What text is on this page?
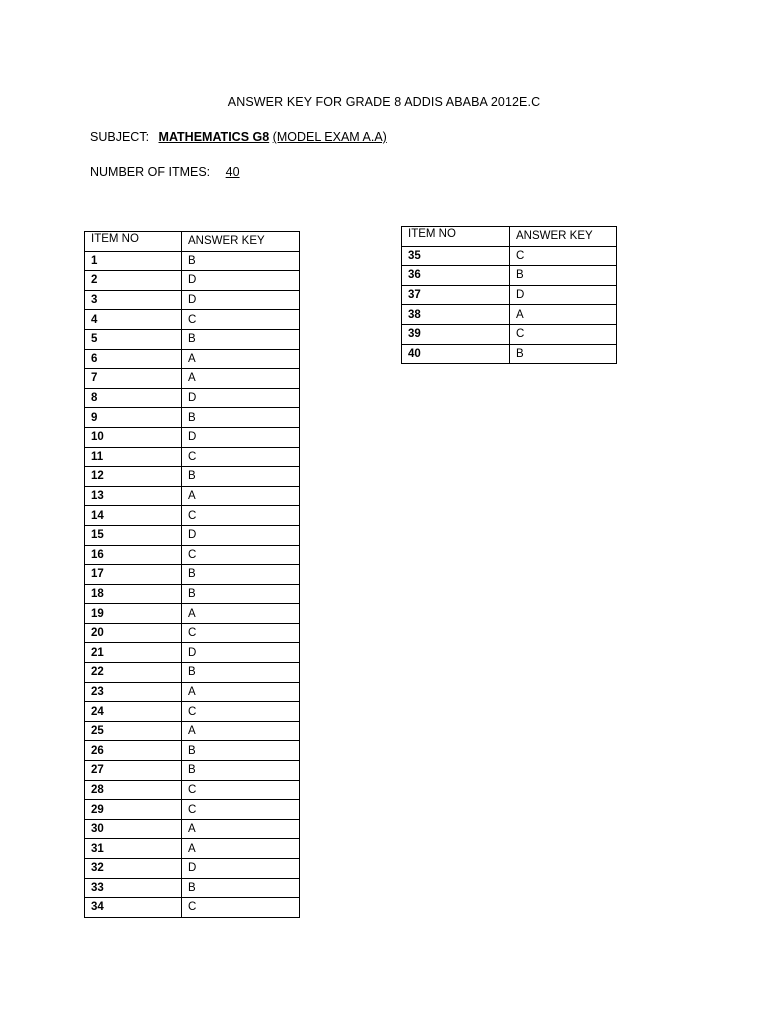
ANSWER KEY FOR GRADE 8 ADDIS ABABA 2012E.C
SUBJECT: MATHEMATICS G8 (MODEL EXAM A.A)
NUMBER OF ITMES: 40
ITEM NO	ANSWER KEY
1	B
2	D
3	D
4	C
5	B
6	A
7	A
8	D
9	B
10	D
11	C
12	B
13	A
14	C
15	D
16	C
17	B
18	B
19	A
20	C
21	D
22	B
23	A
24	C
25	A
26	B
27	B
28	C
29	C
30	A
31	A
32	D
33	B
34	C
ITEM NO	ANSWER KEY
35	C
36	B
37	D
38	A
39	C
40	B
